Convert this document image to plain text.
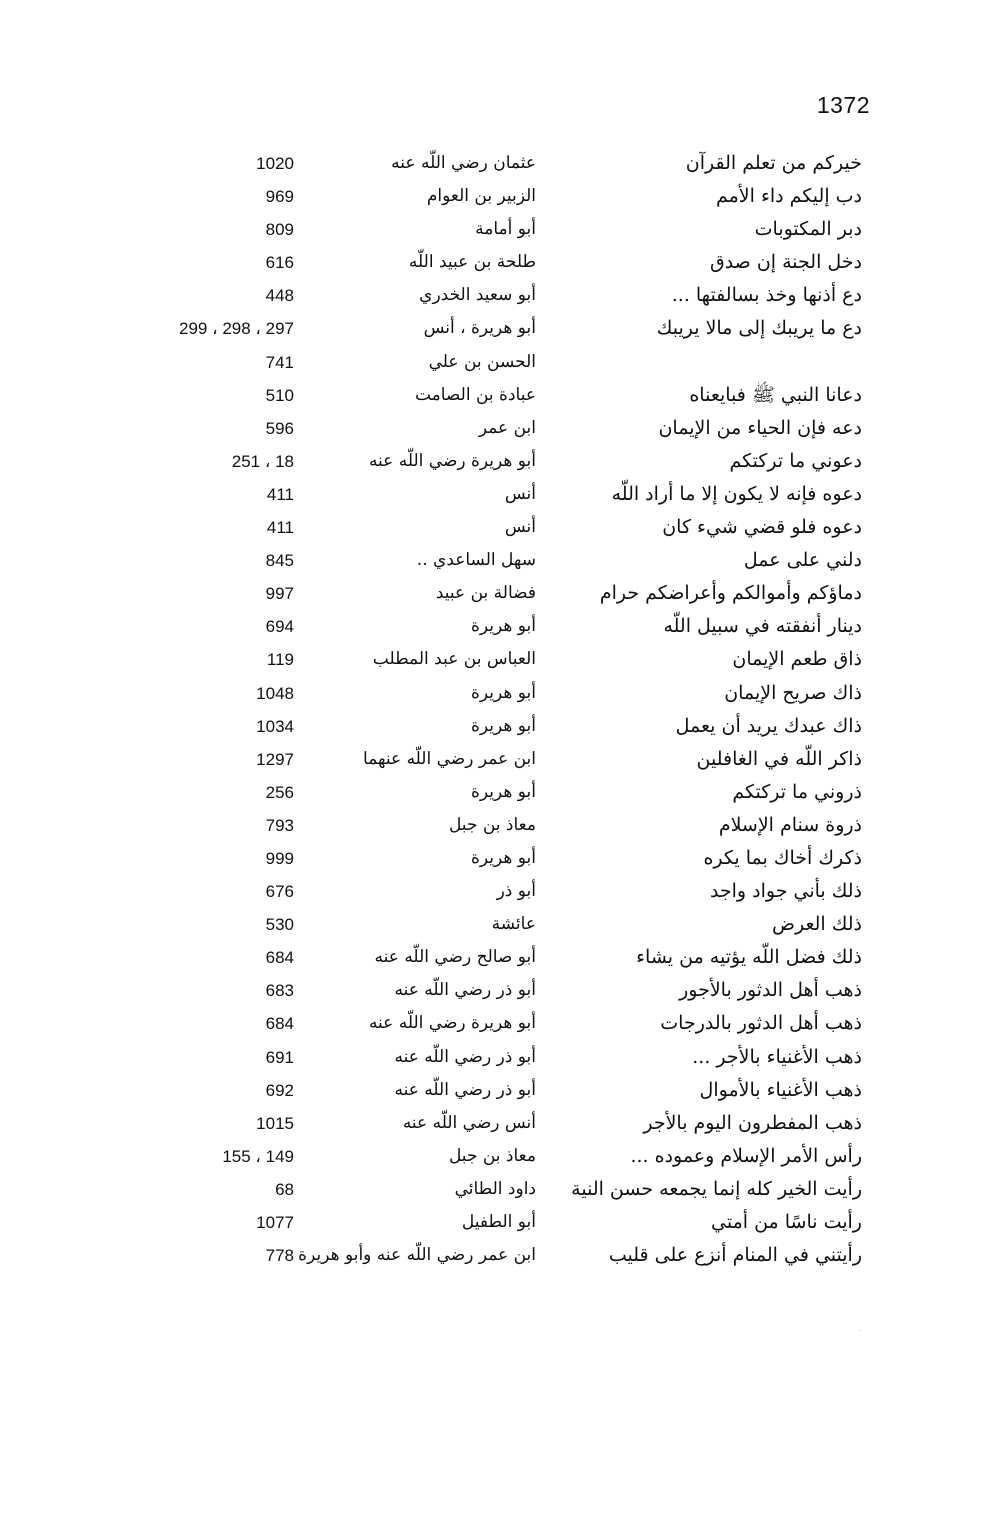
1372
خيركم من تعلم القرآن
عثمان رضي اللّه عنه
1020
دب إليكم داء الأمم
الزبير بن العوام
969
دبر المكتوبات
أبو أمامة
809
دخل الجنة إن صدق
طلحة بن عبيد اللّه
616
دع أذنها وخذ بسالفتها ...
أبو سعيد الخدري
448
دع ما يريبك إلى مالا يريبك
أبو هريرة ، أنس
297 ، 298 ، 299
الحسن بن علي
741
دعانا النبي ﷺ فبايعناه
عبادة بن الصامت
510
دعه فإن الحياء من الإيمان
ابن عمر
596
دعوني ما تركتكم
أبو هريرة رضي اللّه عنه
18 ، 251
دعوه فإنه لا يكون إلا ما أراد اللّه
أنس
411
دعوه فلو قضي شيء كان
أنس
411
دلني على عمل
سهل الساعدي ..
845
دماؤكم وأموالكم وأعراضكم حرام
فضالة بن عبيد
997
دينار أنفقته في سبيل اللّه
أبو هريرة
694
ذاق طعم الإيمان
العباس بن عبد المطلب
119
ذاك صريح الإيمان
أبو هريرة
1048
ذاك عبدك يريد أن يعمل
أبو هريرة
1034
ذاكر اللّه في الغافلين
ابن عمر رضي اللّه عنهما
1297
ذروني ما تركتكم
أبو هريرة
256
ذروة سنام الإسلام
معاذ بن جبل
793
ذكرك أخاك بما يكره
أبو هريرة
999
ذلك بأني جواد واجد
أبو ذر
676
ذلك العرض
عائشة
530
ذلك فضل اللّه يؤتيه من يشاء
أبو صالح رضي اللّه عنه
684
ذهب أهل الدثور بالأجور
أبو ذر رضي اللّه عنه
683
ذهب أهل الدثور بالدرجات
أبو هريرة رضي اللّه عنه
684
ذهب الأغنياء بالأجر ...
أبو ذر رضي اللّه عنه
691
ذهب الأغنياء بالأموال
أبو ذر رضي اللّه عنه
692
ذهب المفطرون اليوم بالأجر
أنس رضي اللّه عنه
1015
رأس الأمر الإسلام وعموده ...
معاذ بن جبل
149 ، 155
رأيت الخير كله إنما يجمعه حسن النية
داود الطائي
68
رأيت ناسًا من أمتي
أبو الطفيل
1077
رأيتني في المنام أنزع على قليب
ابن عمر رضي اللّه عنه وأبو هريرة
778
